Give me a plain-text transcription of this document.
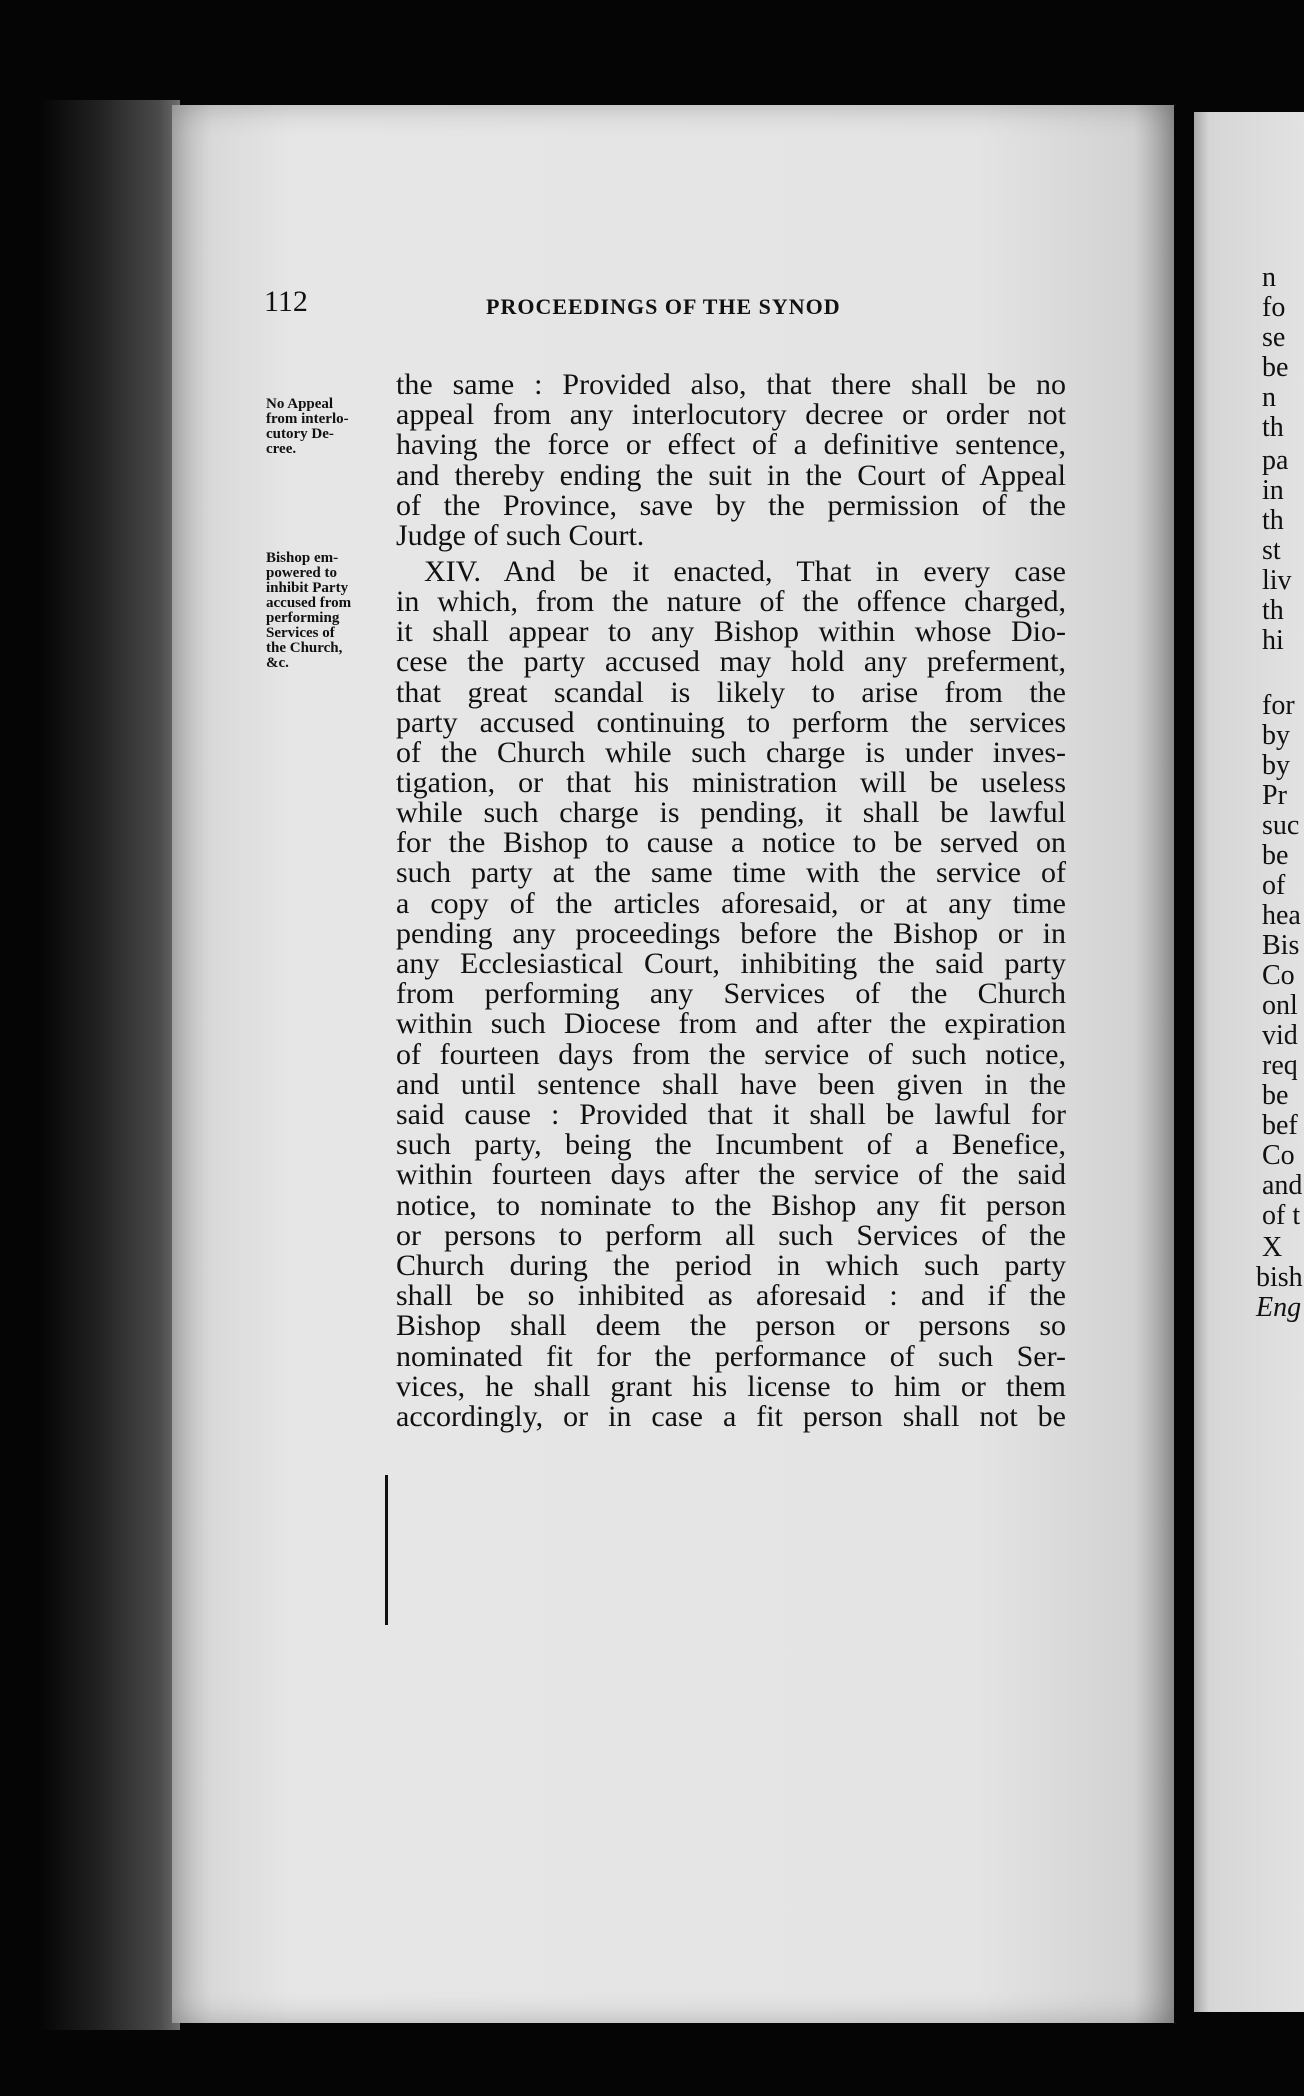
112	PROCEEDINGS OF THE SYNOD
No Appeal
from interlo-
cutory De-
cree.
Bishop em-
powered to
inhibit Party
accused from
performing
Services of
the Church,
&c.
the same : Provided also, that there shall be no
appeal from any interlocutory decree or order not
having the force or effect of a definitive sentence,
and thereby ending the suit in the Court of Appeal
of the Province, save by the permission of the
Judge of such Court.
XIV. And be it enacted, That in every case
in which, from the nature of the offence charged,
it shall appear to any Bishop within whose Dio-
cese the party accused may hold any preferment,
that great scandal is likely to arise from the
party accused continuing to perform the services
of the Church while such charge is under inves-
tigation, or that his ministration will be useless
while such charge is pending, it shall be lawful
for the Bishop to cause a notice to be served on
such party at the same time with the service of
a copy of the articles aforesaid, or at any time
pending any proceedings before the Bishop or in
any Ecclesiastical Court, inhibiting the said party
from performing any Services of the Church
within such Diocese from and after the expiration
of fourteen days from the service of such notice,
and until sentence shall have been given in the
said cause : Provided that it shall be lawful for
such party, being the Incumbent of a Benefice,
within fourteen days after the service of the said
notice, to nominate to the Bishop any fit person
or persons to perform all such Services of the
Church during the period in which such party
shall be so inhibited as aforesaid : and if the
Bishop shall deem the person or persons so
nominated fit for the performance of such Ser-
vices, he shall grant his license to him or them
accordingly, or in case a fit person shall not be
n
fo
se
be
n
th
pa
in
th
st
liv
th
hi
for
by
by
Pr
suc
be
of
hea
Bis
Co
onl
vid
req
be
bef
Co
and
of t
X
bish
Eng
